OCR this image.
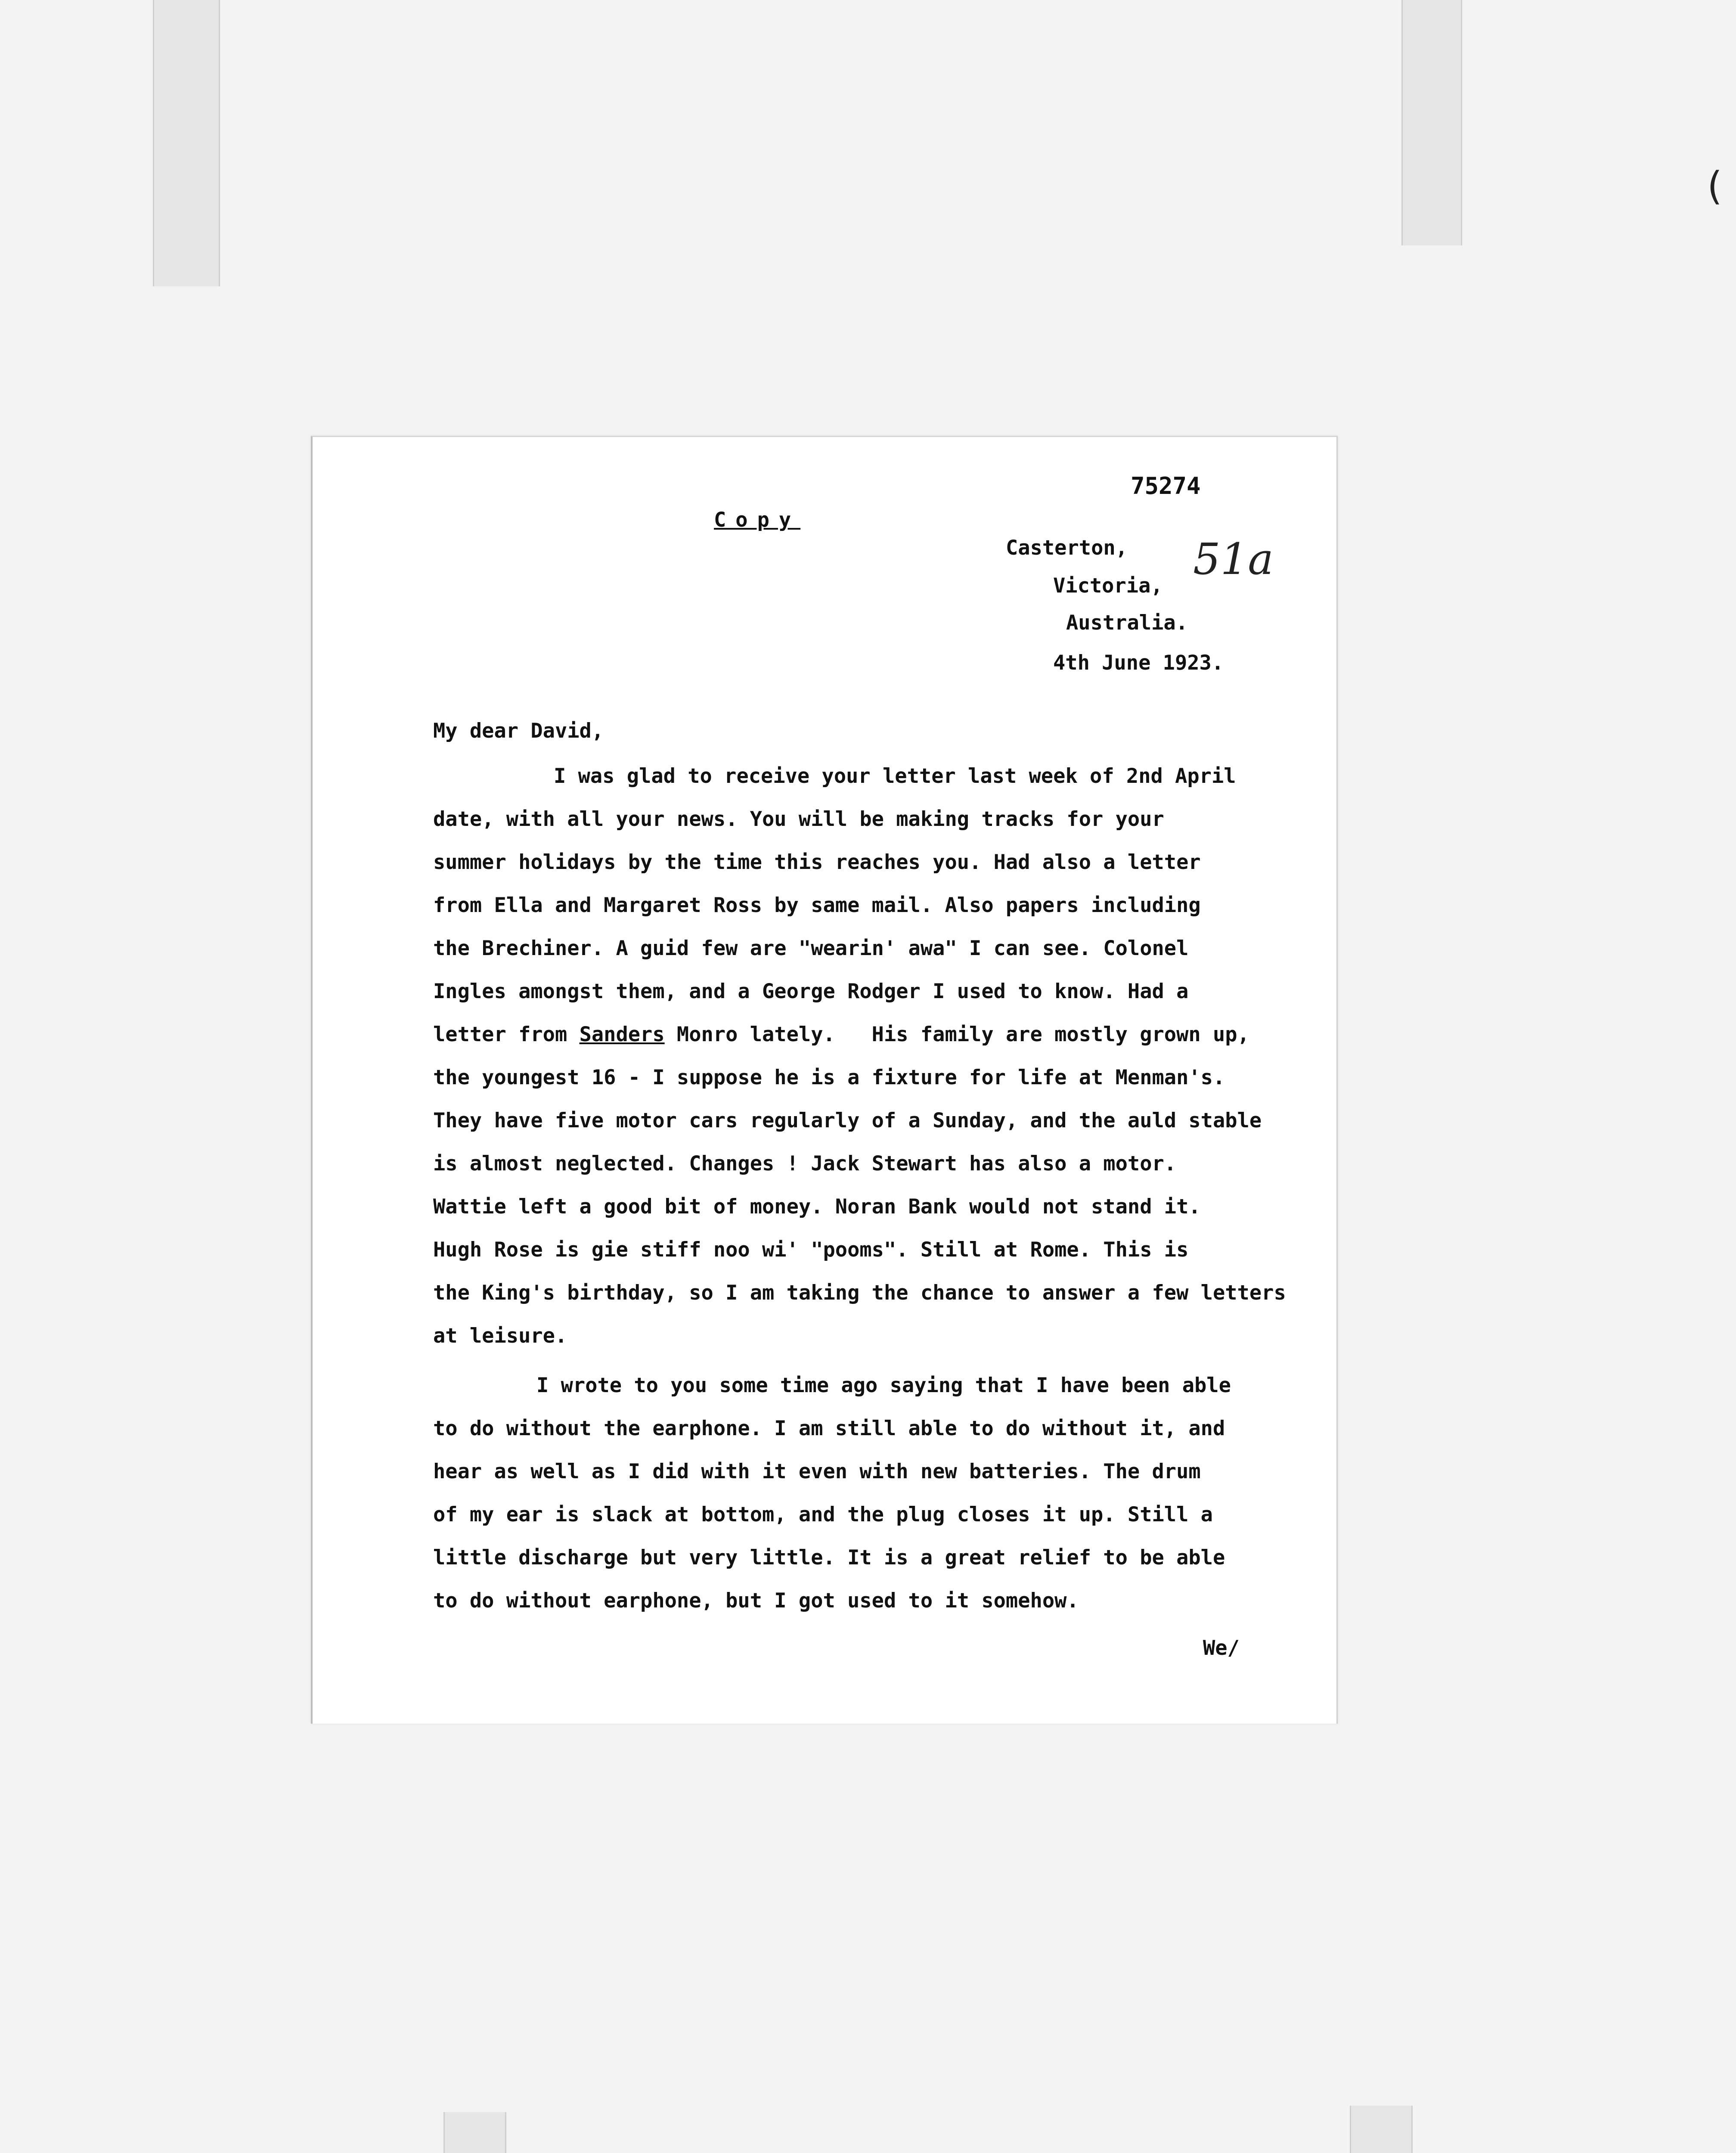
(
75274
51a
Copy
Casterton,
Victoria,
Australia.
4th June 1923.
My dear David,
I was glad to receive your letter last week of 2nd April
date, with all your news. You will be making tracks for your
summer holidays by the time this reaches you. Had also a letter
from Ella and Margaret Ross by same mail. Also papers including
the Brechiner. A guid few are "wearin' awa" I can see. Colonel
Ingles amongst them, and a George Rodger I used to know. Had a
letter from Sanders Monro lately.   His family are mostly grown up,
the youngest 16 - I suppose he is a fixture for life at Menman's.
They have five motor cars regularly of a Sunday, and the auld stable
is almost neglected. Changes ! Jack Stewart has also a motor.
Wattie left a good bit of money. Noran Bank would not stand it.
Hugh Rose is gie stiff noo wi' "pooms". Still at Rome. This is
the King's birthday, so I am taking the chance to answer a few letters
at leisure.
I wrote to you some time ago saying that I have been able
to do without the earphone. I am still able to do without it, and
hear as well as I did with it even with new batteries. The drum
of my ear is slack at bottom, and the plug closes it up. Still a
little discharge but very little. It is a great relief to be able
to do without earphone, but I got used to it somehow.
We/
